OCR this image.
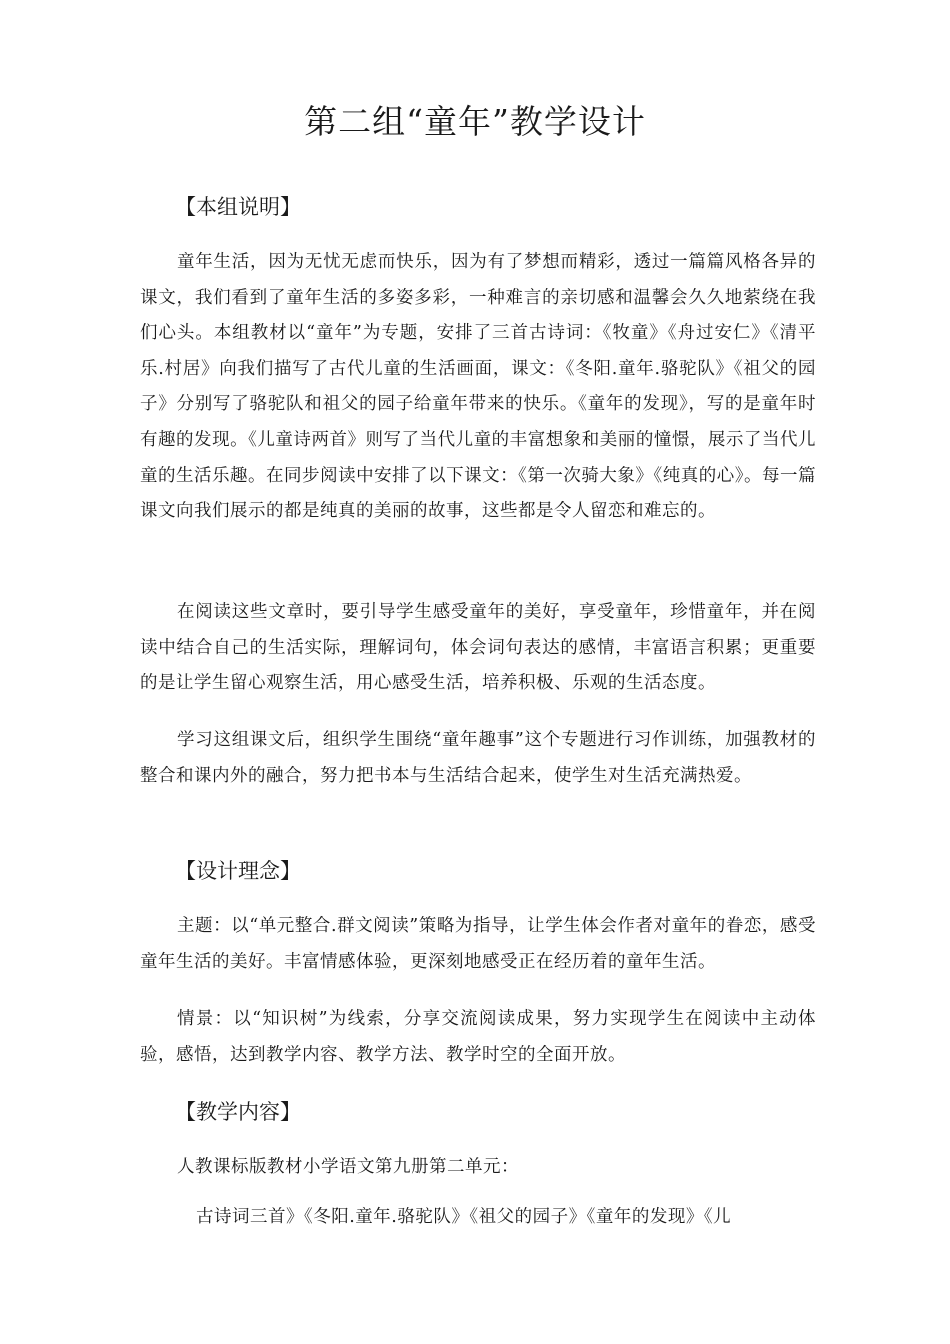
第二组“童年”教学设计
【本组说明】

童年生活，因为无忧无虑而快乐，因为有了梦想而精彩，透过一篇篇风格各异的课文，我们看到了童年生活的多姿多彩，一种难言的亲切感和温馨会久久地萦绕在我们心头。本组教材以“童年”为专题，安排了三首古诗词：《牧童》《舟过安仁》《清平乐.村居》向我们描写了古代儿童的生活画面，课文：《冬阳.童年.骆驼队》《祖父的园子》分别写了骆驼队和祖父的园子给童年带来的快乐。《童年的发现》，写的是童年时有趣的发现。《儿童诗两首》则写了当代儿童的丰富想象和美丽的憧憬，展示了当代儿童的生活乐趣。在同步阅读中安排了以下课文：《第一次骑大象》《纯真的心》。每一篇课文向我们展示的都是纯真的美丽的故事，这些都是令人留恋和难忘的。

在阅读这些文章时，要引导学生感受童年的美好，享受童年，珍惜童年，并在阅读中结合自己的生活实际，理解词句，体会词句表达的感情，丰富语言积累；更重要的是让学生留心观察生活，用心感受生活，培养积极、乐观的生活态度。

学习这组课文后，组织学生围绕“童年趣事”这个专题进行习作训练，加强教材的整合和课内外的融合，努力把书本与生活结合起来，使学生对生活充满热爱。

【设计理念】

主题：以“单元整合.群文阅读”策略为指导，让学生体会作者对童年的眷恋，感受童年生活的美好。丰富情感体验，更深刻地感受正在经历着的童年生活。

情景：以“知识树”为线索，分享交流阅读成果，努力实现学生在阅读中主动体验，感悟，达到教学内容、教学方法、教学时空的全面开放。

【教学内容】

人教课标版教材小学语文第九册第二单元：

古诗词三首》《冬阳.童年.骆驼队》《祖父的园子》《童年的发现》《儿
